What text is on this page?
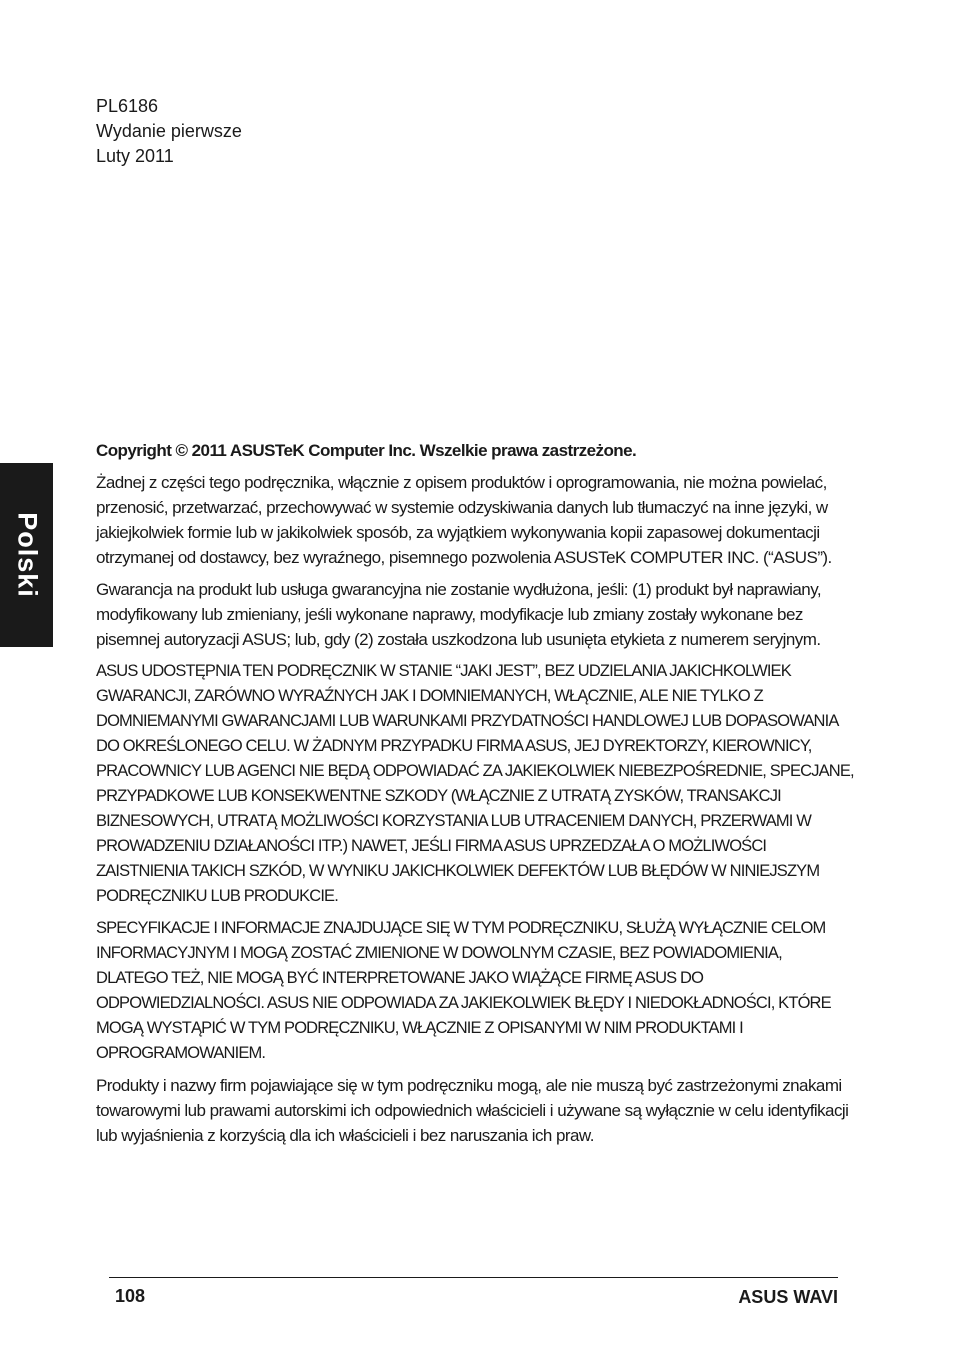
PL6186
Wydanie pierwsze
Luty 2011
Polski

Copyright © 2011 ASUSTeK Computer Inc. Wszelkie prawa zastrzeżone.

Żadnej z części tego podręcznika, włącznie z opisem produktów i oprogramowania, nie można powielać, przenosić, przetwarzać, przechowywać w systemie odzyskiwania danych lub tłumaczyć na inne języki, w jakiejkolwiek formie lub w jakikolwiek sposób, za wyjątkiem wykonywania kopii zapasowej dokumentacji otrzymanej od dostawcy, bez wyraźnego, pisemnego pozwolenia ASUSTeK COMPUTER INC. (“ASUS”).

Gwarancja na produkt lub usługa gwarancyjna nie zostanie wydłużona, jeśli: (1) produkt był naprawiany, modyfikowany lub zmieniany, jeśli wykonane naprawy, modyfikacje lub zmiany zostały wykonane bez pisemnej autoryzacji ASUS; lub, gdy (2) została uszkodzona lub usunięta etykieta z numerem seryjnym.

ASUS UDOSTĘPNIA TEN PODRĘCZNIK W STANIE “JAKI JEST”, BEZ UDZIELANIA JAKICHKOLWIEK GWARANCJI, ZARÓWNO WYRAŹNYCH JAK I DOMNIEMANYCH, WŁĄCZNIE, ALE NIE TYLKO Z DOMNIEMANYMI GWARANCJAMI LUB WARUNKAMI PRZYDATNOŚCI HANDLOWEJ LUB DOPASOWANIA DO OKREŚLONEGO CELU. W ŻADNYM PRZYPADKU FIRMA ASUS, JEJ DYREKTORZY, KIEROWNICY, PRACOWNICY LUB AGENCI NIE BĘDĄ ODPOWIADAĆ ZA JAKIEKOLWIEK NIEBEZPOŚREDNIE, SPECJANE, PRZYPADKOWE LUB KONSEKWENTNE SZKODY (WŁĄCZNIE Z UTRATĄ ZYSKÓW, TRANSAKCJI BIZNESOWYCH, UTRATĄ MOŻLIWOŚCI KORZYSTANIA LUB UTRACENIEM DANYCH, PRZERWAMI W PROWADZENIU DZIAŁANOŚCI ITP.) NAWET, JEŚLI FIRMA ASUS UPRZEDZAŁA O MOŻLIWOŚCI ZAISTNIENIA TAKICH SZKÓD, W WYNIKU JAKICHKOLWIEK DEFEKTÓW LUB BŁĘDÓW W NINIEJSZYM PODRĘCZNIKU LUB PRODUKCIE.

SPECYFIKACJE I INFORMACJE ZNAJDUJĄCE SIĘ W TYM PODRĘCZNIKU, SŁUŻĄ WYŁĄCZNIE CELOM INFORMACYJNYM I MOGĄ ZOSTAĆ ZMIENIONE W DOWOLNYM CZASIE, BEZ POWIADOMIENIA, DLATEGO TEŻ, NIE MOGĄ BYĆ INTERPRETOWANE JAKO WIĄŻĄCE FIRMĘ ASUS DO ODPOWIEDZIALNOŚCI. ASUS NIE ODPOWIADA ZA JAKIEKOLWIEK BŁĘDY I NIEDOKŁADNOŚCI, KTÓRE MOGĄ WYSTĄPIĆ W TYM PODRĘCZNIKU, WŁĄCZNIE Z OPISANYMI W NIM PRODUKTAMI I OPROGRAMOWANIEM.

Produkty i nazwy firm pojawiające się w tym podręczniku mogą, ale nie muszą być zastrzeżonymi znakami towarowymi lub prawami autorskimi ich odpowiednich właścicieli i używane są wyłącznie w celu identyfikacji lub wyjaśnienia z korzyścią dla ich właścicieli i bez naruszania ich praw.

108	ASUS WAVI
